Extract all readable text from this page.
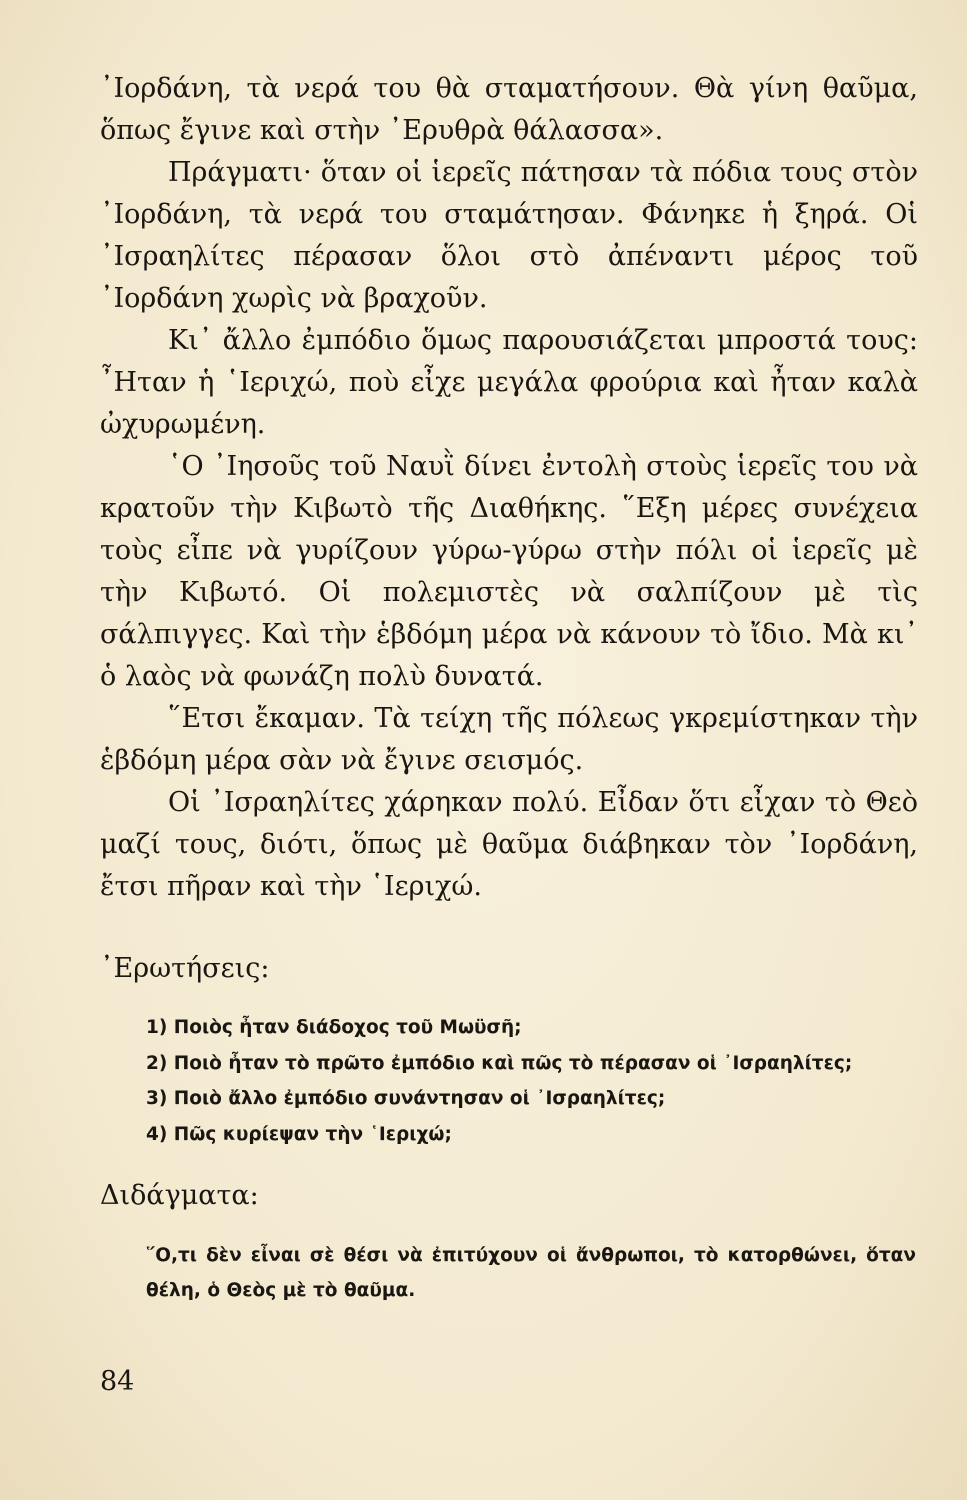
᾿Ιορδάνη, τὰ νερά του θὰ σταματήσουν. Θὰ γίνη θαῦμα, ὅπως ἔγινε καὶ στὴν ᾿Ερυθρὰ θάλασσα».

Πράγματι· ὅταν οἱ ἱερεῖς πάτησαν τὰ πόδια τους στὸν ᾿Ιορδάνη, τὰ νερά του σταμάτησαν. Φάνηκε ἡ ξηρά. Οἱ ᾿Ισραηλίτες πέρασαν ὅλοι στὸ ἀπέναντι μέρος τοῦ ᾿Ιορδάνη χωρὶς νὰ βραχοῦν.

Κι᾿ ἄλλο ἐμπόδιο ὅμως παρουσιάζεται μπροστά τους: ῏Ηταν ἡ ῾Ιεριχώ, ποὺ εἶχε μεγάλα φρούρια καὶ ἦταν καλὰ ὠχυρωμένη.

῾Ο ᾿Ιησοῦς τοῦ Ναυῒ δίνει ἐντολὴ στοὺς ἱερεῖς του νὰ κρατοῦν τὴν Κιβωτὸ τῆς Διαθήκης. ῞Εξη μέρες συνέχεια τοὺς εἶπε νὰ γυρίζουν γύρω-γύρω στὴν πόλι οἱ ἱερεῖς μὲ τὴν Κιβωτό. Οἱ πολεμιστὲς νὰ σαλπίζουν μὲ τὶς σάλπιγγες. Καὶ τὴν ἑβδόμη μέρα νὰ κάνουν τὸ ἴδιο. Μὰ κι᾿ ὁ λαὸς νὰ φωνάζη πολὺ δυνατά.

῞Ετσι ἔκαμαν. Τὰ τείχη τῆς πόλεως γκρεμίστηκαν τὴν ἑβδόμη μέρα σὰν νὰ ἔγινε σεισμός.

Οἱ ᾿Ισραηλίτες χάρηκαν πολύ. Εἶδαν ὅτι εἶχαν τὸ Θεὸ μαζί τους, διότι, ὅπως μὲ θαῦμα διάβηκαν τὸν ᾿Ιορδάνη, ἔτσι πῆραν καὶ τὴν ῾Ιεριχώ.

᾿Ερωτήσεις:
1) Ποιὸς ἦταν διάδοχος τοῦ Μωϋσῆ;
2) Ποιὸ ἦταν τὸ πρῶτο ἐμπόδιο καὶ πῶς τὸ πέρασαν οἱ ᾿Ισραηλίτες;
3) Ποιὸ ἄλλο ἐμπόδιο συνάντησαν οἱ ᾿Ισραηλίτες;
4) Πῶς κυρίεψαν τὴν ῾Ιεριχώ;
Διδάγματα:
῞Ο,τι δὲν εἶναι σὲ θέσι νὰ ἐπιτύχουν οἱ ἄνθρωποι, τὸ κατορθώνει, ὅταν θέλη, ὁ Θεὸς μὲ τὸ θαῦμα.
84
